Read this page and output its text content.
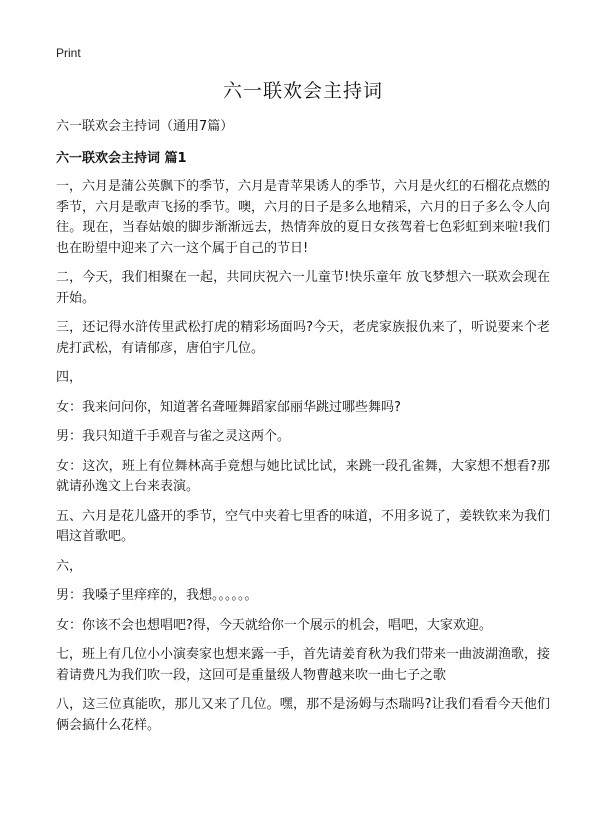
Print

六一联欢会主持词

六一联欢会主持词（通用7篇）

六一联欢会主持词 篇1

一，六月是蒲公英飘下的季节，六月是青苹果诱人的季节，六月是火红的石榴花点燃的季节，六月是歌声飞扬的季节。噢，六月的日子是多么地精采，六月的日子多么令人向往。现在，当春姑娘的脚步渐渐远去，热情奔放的夏日女孩驾着七色彩虹到来啦!我们也在盼望中迎来了六一这个属于自己的节日!

二，今天，我们相聚在一起，共同庆祝六一儿童节!快乐童年 放飞梦想六一联欢会现在开始。

三，还记得水浒传里武松打虎的精彩场面吗?今天，老虎家族报仇来了，听说要来个老虎打武松，有请郁彦，唐伯宇几位。

四，

女：我来问问你，知道著名聋哑舞蹈家邰丽华跳过哪些舞吗?

男：我只知道千手观音与雀之灵这两个。

女：这次，班上有位舞林高手竟想与她比试比试，来跳一段孔雀舞，大家想不想看?那就请孙逸文上台来表演。

五、六月是花儿盛开的季节，空气中夹着七里香的味道，不用多说了，姜轶钦来为我们唱这首歌吧。

六，

男：我嗓子里痒痒的，我想。。。。。。

女：你该不会也想唱吧?得，今天就给你一个展示的机会，唱吧，大家欢迎。

七，班上有几位小小演奏家也想来露一手，首先请姜育秋为我们带来一曲波湖渔歌，接着请费凡为我们吹一段，这回可是重量级人物曹越来吹一曲七子之歌

八，这三位真能吹，那儿又来了几位。嘿，那不是汤姆与杰瑞吗?让我们看看今天他们俩会搞什么花样。
